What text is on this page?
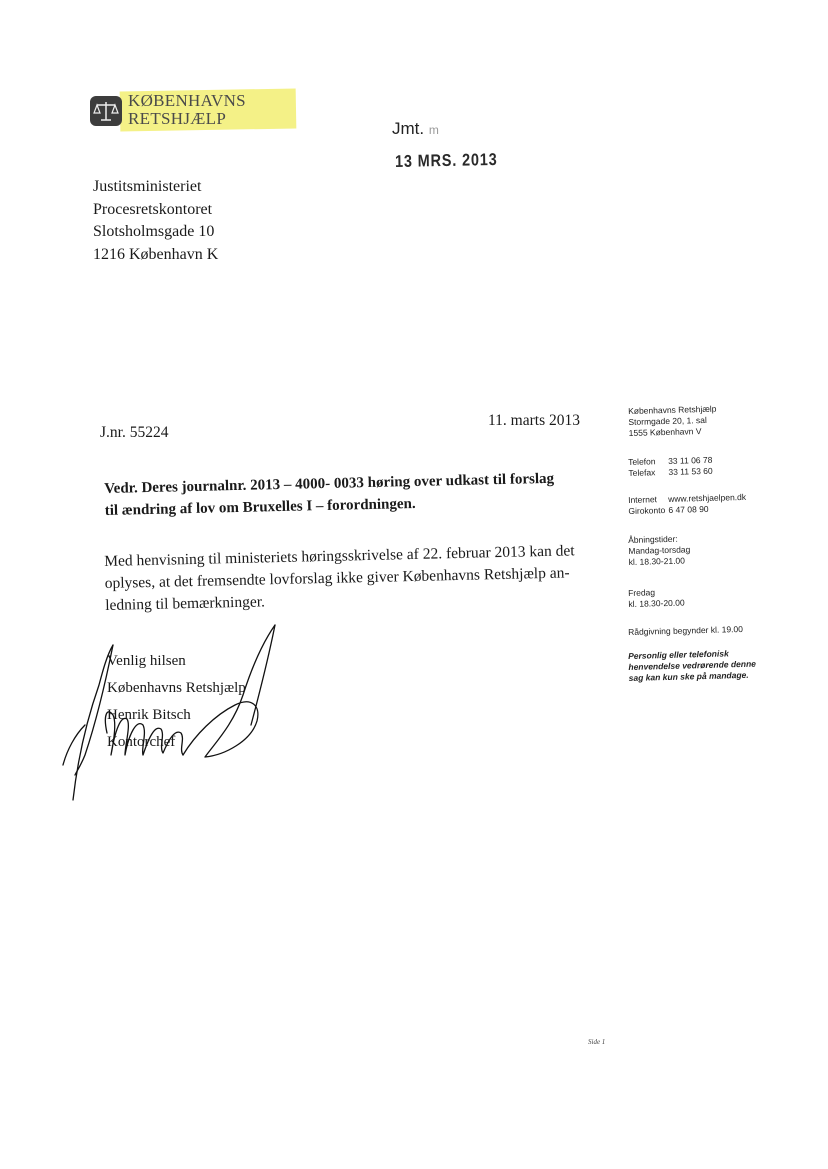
KØBENHAVNS
RETSHJÆLP
Jmt. m
13 MRS. 2013
Justitsministeriet
Procesretskontoret
Slotsholmsgade 10
1216 København K
J.nr. 55224
11. marts 2013
Vedr. Deres journalnr. 2013 – 4000- 0033 høring over udkast til forslag
til ændring af lov om Bruxelles I – forordningen.
Med henvisning til ministeriets høringsskrivelse af 22. februar 2013 kan det
oplyses, at det fremsendte lovforslag ikke giver Københavns Retshjælp an-
ledning til bemærkninger.
Venlig hilsen
Københavns Retshjælp
Henrik Bitsch
Kontorchef
Københavns Retshjælp
Stormgade 20, 1. sal
1555 København V
Telefon 33 11 06 78
Telefax 33 11 53 60
Internet www.retshjaelpen.dk
Girokonto 6 47 08 90
Åbningstider:
Mandag-torsdag
kl. 18.30-21.00
Fredag
kl. 18.30-20.00
Rådgivning begynder kl. 19.00
Personlig eller telefonisk
henvendelse vedrørende denne
sag kan kun ske på mandage.
Side 1
